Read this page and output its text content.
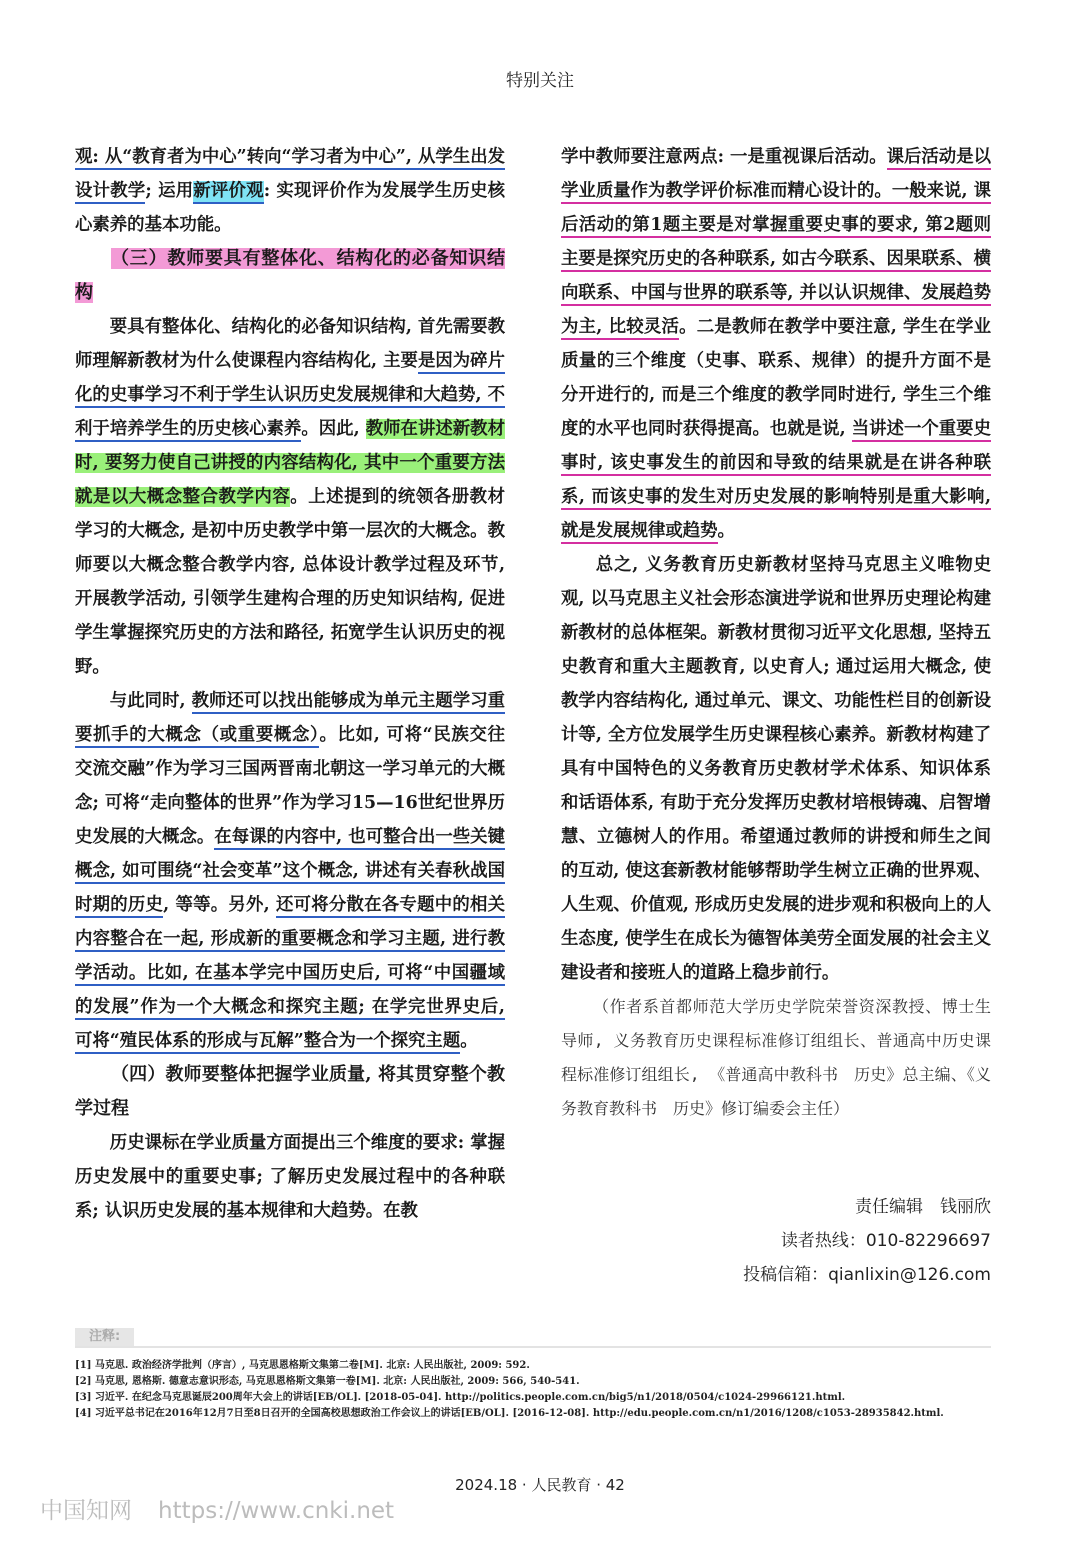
特别关注

观: 从“教育者为中心”转向“学习者为中心”, 从学生出发设计教学; 运用新评价观: 实现评价作为发展学生历史核心素养的基本功能。

（三）教师要具有整体化、结构化的必备知识结构

要具有整体化、结构化的必备知识结构, 首先需要教师理解新教材为什么使课程内容结构化, 主要是因为碎片化的史事学习不利于学生认识历史发展规律和大趋势, 不利于培养学生的历史核心素养。因此, 教师在讲述新教材时, 要努力使自己讲授的内容结构化, 其中一个重要方法就是以大概念整合教学内容。上述提到的统领各册教材学习的大概念, 是初中历史教学中第一层次的大概念。教师要以大概念整合教学内容, 总体设计教学过程及环节, 开展教学活动, 引领学生建构合理的历史知识结构, 促进学生掌握探究历史的方法和路径, 拓宽学生认识历史的视野。

与此同时, 教师还可以找出能够成为单元主题学习重要抓手的大概念（或重要概念）。比如, 可将“民族交往交流交融”作为学习三国两晋南北朝这一学习单元的大概念; 可将“走向整体的世界”作为学习15—16世纪世界历史发展的大概念。在每课的内容中, 也可整合出一些关键概念, 如可围绕“社会变革”这个概念, 讲述有关春秋战国时期的历史, 等等。另外, 还可将分散在各专题中的相关内容整合在一起, 形成新的重要概念和学习主题, 进行教学活动。比如, 在基本学完中国历史后, 可将“中国疆域的发展”作为一个大概念和探究主题; 在学完世界史后, 可将“殖民体系的形成与瓦解”整合为一个探究主题。

（四）教师要整体把握学业质量, 将其贯穿整个教学过程

历史课标在学业质量方面提出三个维度的要求: 掌握历史发展中的重要史事; 了解历史发展过程中的各种联系; 认识历史发展的基本规律和大趋势。在教

学中教师要注意两点: 一是重视课后活动。课后活动是以学业质量作为教学评价标准而精心设计的。一般来说, 课后活动的第1题主要是对掌握重要史事的要求, 第2题则主要是探究历史的各种联系, 如古今联系、因果联系、横向联系、中国与世界的联系等, 并以认识规律、发展趋势为主, 比较灵活。二是教师在教学中要注意, 学生在学业质量的三个维度（史事、联系、规律）的提升方面不是分开进行的, 而是三个维度的教学同时进行, 学生三个维度的水平也同时获得提高。也就是说, 当讲述一个重要史事时, 该史事发生的前因和导致的结果就是在讲各种联系, 而该史事的发生对历史发展的影响特别是重大影响, 就是发展规律或趋势。

总之, 义务教育历史新教材坚持马克思主义唯物史观, 以马克思主义社会形态演进学说和世界历史理论构建新教材的总体框架。新教材贯彻习近平文化思想, 坚持五史教育和重大主题教育, 以史育人; 通过运用大概念, 使教学内容结构化, 通过单元、课文、功能性栏目的创新设计等, 全方位发展学生历史课程核心素养。新教材构建了具有中国特色的义务教育历史教材学术体系、知识体系和话语体系, 有助于充分发挥历史教材培根铸魂、启智增慧、立德树人的作用。希望通过教师的讲授和师生之间的互动, 使这套新教材能够帮助学生树立正确的世界观、人生观、价值观, 形成历史发展的进步观和积极向上的人生态度, 使学生在成长为德智体美劳全面发展的社会主义建设者和接班人的道路上稳步前行。

（作者系首都师范大学历史学院荣誉资深教授、博士生导师, 义务教育历史课程标准修订组组长、普通高中历史课程标准修订组组长, 《普通高中教科书　历史》总主编、《义务教育教科书　历史》修订编委会主任）

责任编辑　钱丽欣
读者热线：010-82296697
投稿信箱：qianlixin@126.com
注释:
[1] 马克思. 政治经济学批判（序言）, 马克思恩格斯文集第二卷[M]. 北京: 人民出版社, 2009: 592.
[2] 马克思, 恩格斯. 德意志意识形态, 马克思恩格斯文集第一卷[M]. 北京: 人民出版社, 2009: 566, 540-541.
[3] 习近平. 在纪念马克思诞辰200周年大会上的讲话[EB/OL]. [2018-05-04]. http://politics.people.com.cn/big5/n1/2018/0504/c1024-29966121.html.
[4] 习近平总书记在2016年12月7日至8日召开的全国高校思想政治工作会议上的讲话[EB/OL]. [2016-12-08]. http://edu.people.com.cn/n1/2016/1208/c1053-28935842.html.
2024.18 · 人民教育 · 42
中国知网 https://www.cnki.net
